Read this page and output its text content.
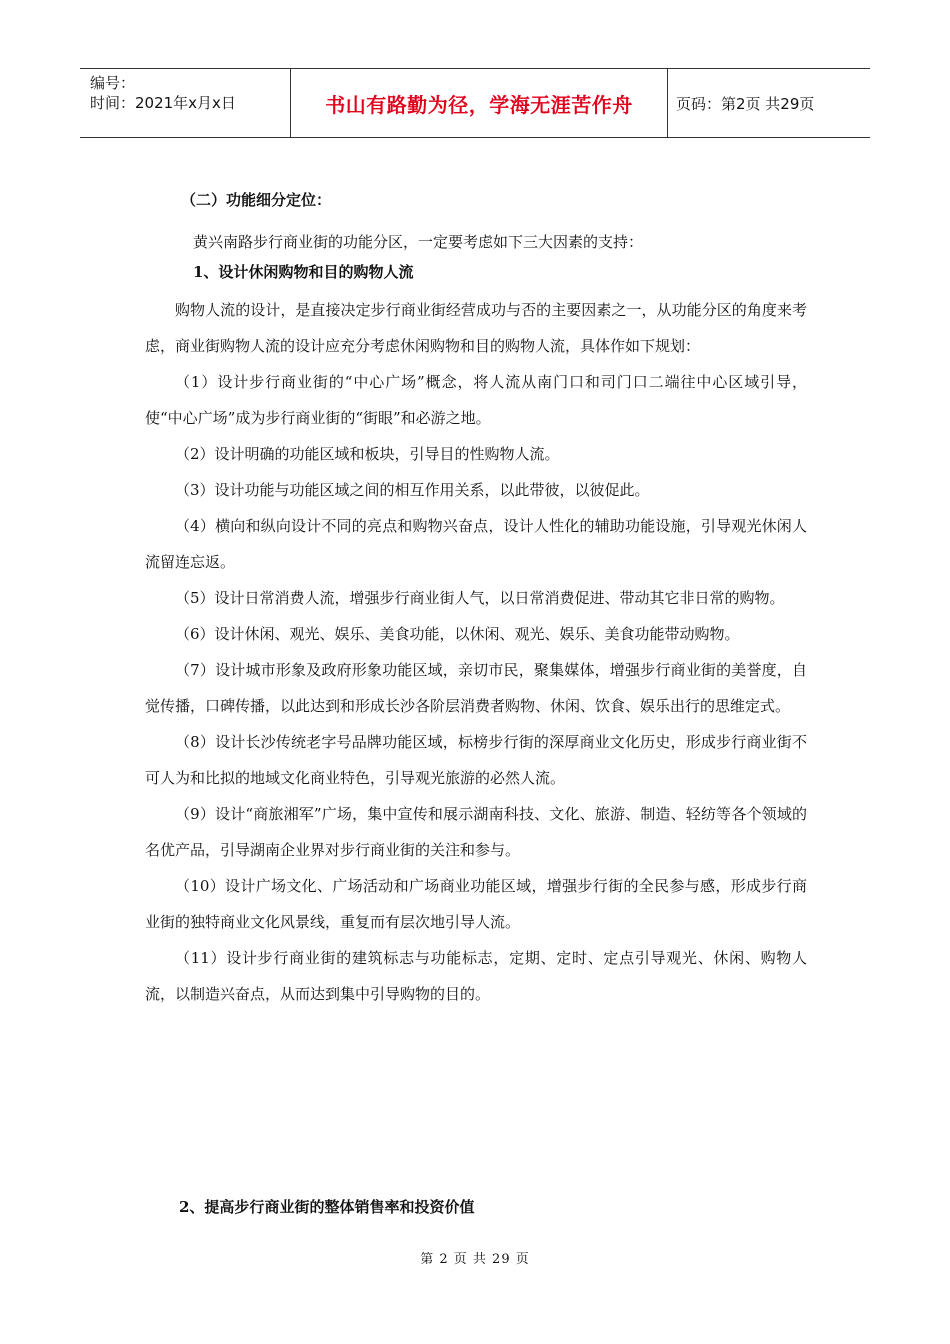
编号：
时间：2021年x月x日	书山有路勤为径，学海无涯苦作舟	页码：第2页 共29页
（二）功能细分定位：
黄兴南路步行商业街的功能分区，一定要考虑如下三大因素的支持：
1、设计休闲购物和目的购物人流

购物人流的设计，是直接决定步行商业街经营成功与否的主要因素之一，从功能分区的角度来考虑，商业街购物人流的设计应充分考虑休闲购物和目的购物人流，具体作如下规划：

（1）设计步行商业街的“中心广场”概念，将人流从南门口和司门口二端往中心区域引导，使“中心广场”成为步行商业街的“街眼”和必游之地。

（2）设计明确的功能区域和板块，引导目的性购物人流。

（3）设计功能与功能区域之间的相互作用关系，以此带彼，以彼促此。

（4）横向和纵向设计不同的亮点和购物兴奋点，设计人性化的辅助功能设施，引导观光休闲人流留连忘返。

（5）设计日常消费人流，增强步行商业街人气，以日常消费促进、带动其它非日常的购物。

（6）设计休闲、观光、娱乐、美食功能，以休闲、观光、娱乐、美食功能带动购物。

（7）设计城市形象及政府形象功能区域，亲切市民，聚集媒体，增强步行商业街的美誉度，自觉传播，口碑传播，以此达到和形成长沙各阶层消费者购物、休闲、饮食、娱乐出行的思维定式。

（8）设计长沙传统老字号品牌功能区域，标榜步行街的深厚商业文化历史，形成步行商业街不可人为和比拟的地域文化商业特色，引导观光旅游的必然人流。

（9）设计“商旅湘军”广场，集中宣传和展示湖南科技、文化、旅游、制造、轻纺等各个领域的名优产品，引导湖南企业界对步行商业街的关注和参与。

（10）设计广场文化、广场活动和广场商业功能区域，增强步行街的全民参与感，形成步行商业街的独特商业文化风景线，重复而有层次地引导人流。

（11）设计步行商业街的建筑标志与功能标志，定期、定时、定点引导观光、休闲、购物人流，以制造兴奋点，从而达到集中引导购物的目的。

2、提高步行商业街的整体销售率和投资价值
第 2 页 共 29 页
